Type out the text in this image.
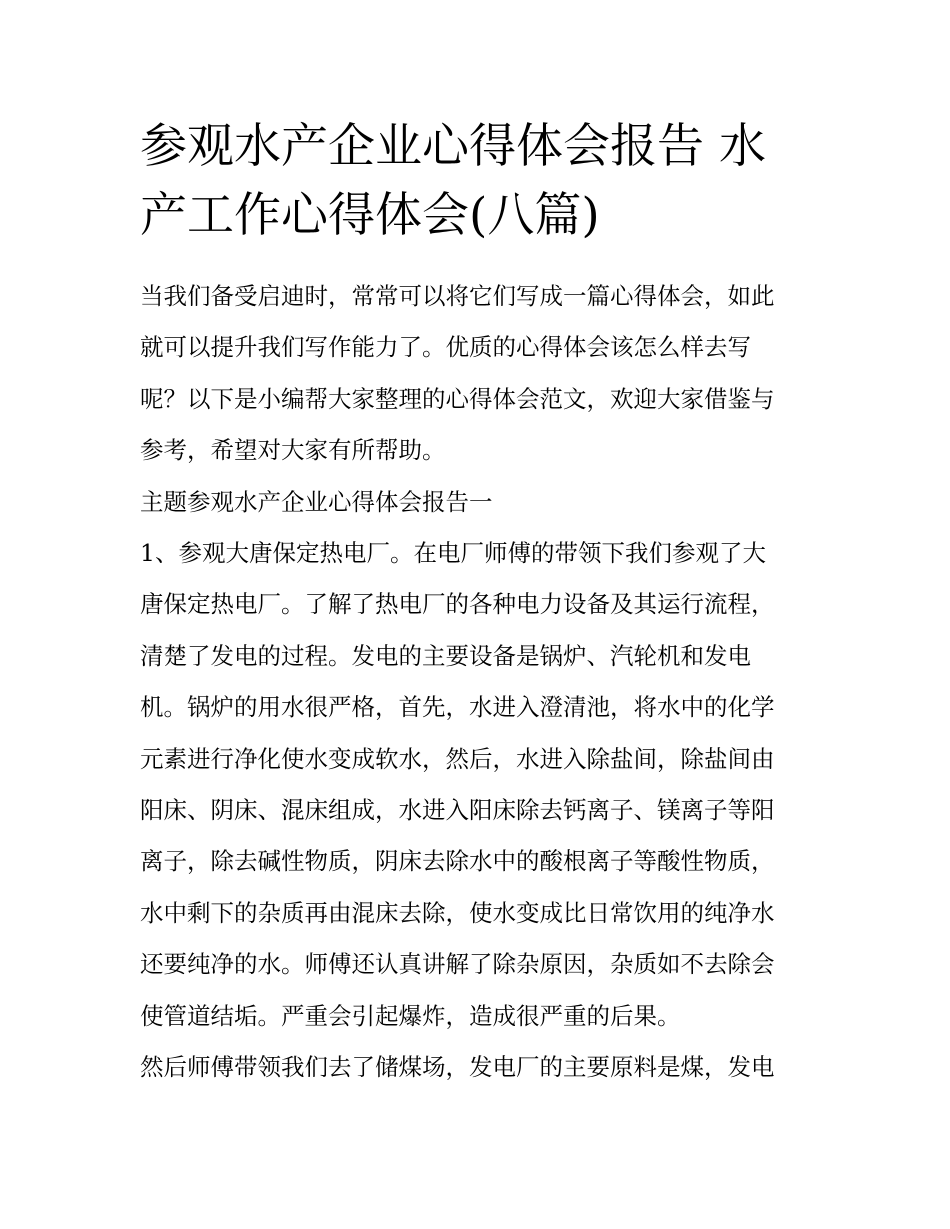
参观水产企业心得体会报告 水
产工作心得体会(八篇)

当我们备受启迪时，常常可以将它们写成一篇心得体会，如此
就可以提升我们写作能力了。优质的心得体会该怎么样去写
呢？以下是小编帮大家整理的心得体会范文，欢迎大家借鉴与
参考，希望对大家有所帮助。

主题参观水产企业心得体会报告一

1、参观大唐保定热电厂。在电厂师傅的带领下我们参观了大
唐保定热电厂。了解了热电厂的各种电力设备及其运行流程，
清楚了发电的过程。发电的主要设备是锅炉、汽轮机和发电
机。锅炉的用水很严格，首先，水进入澄清池，将水中的化学
元素进行净化使水变成软水，然后，水进入除盐间，除盐间由
阳床、阴床、混床组成，水进入阳床除去钙离子、镁离子等阳
离子，除去碱性物质，阴床去除水中的酸根离子等酸性物质，
水中剩下的杂质再由混床去除，使水变成比日常饮用的纯净水
还要纯净的水。师傅还认真讲解了除杂原因，杂质如不去除会
使管道结垢。严重会引起爆炸，造成很严重的后果。

然后师傅带领我们去了储煤场，发电厂的主要原料是煤，发电
